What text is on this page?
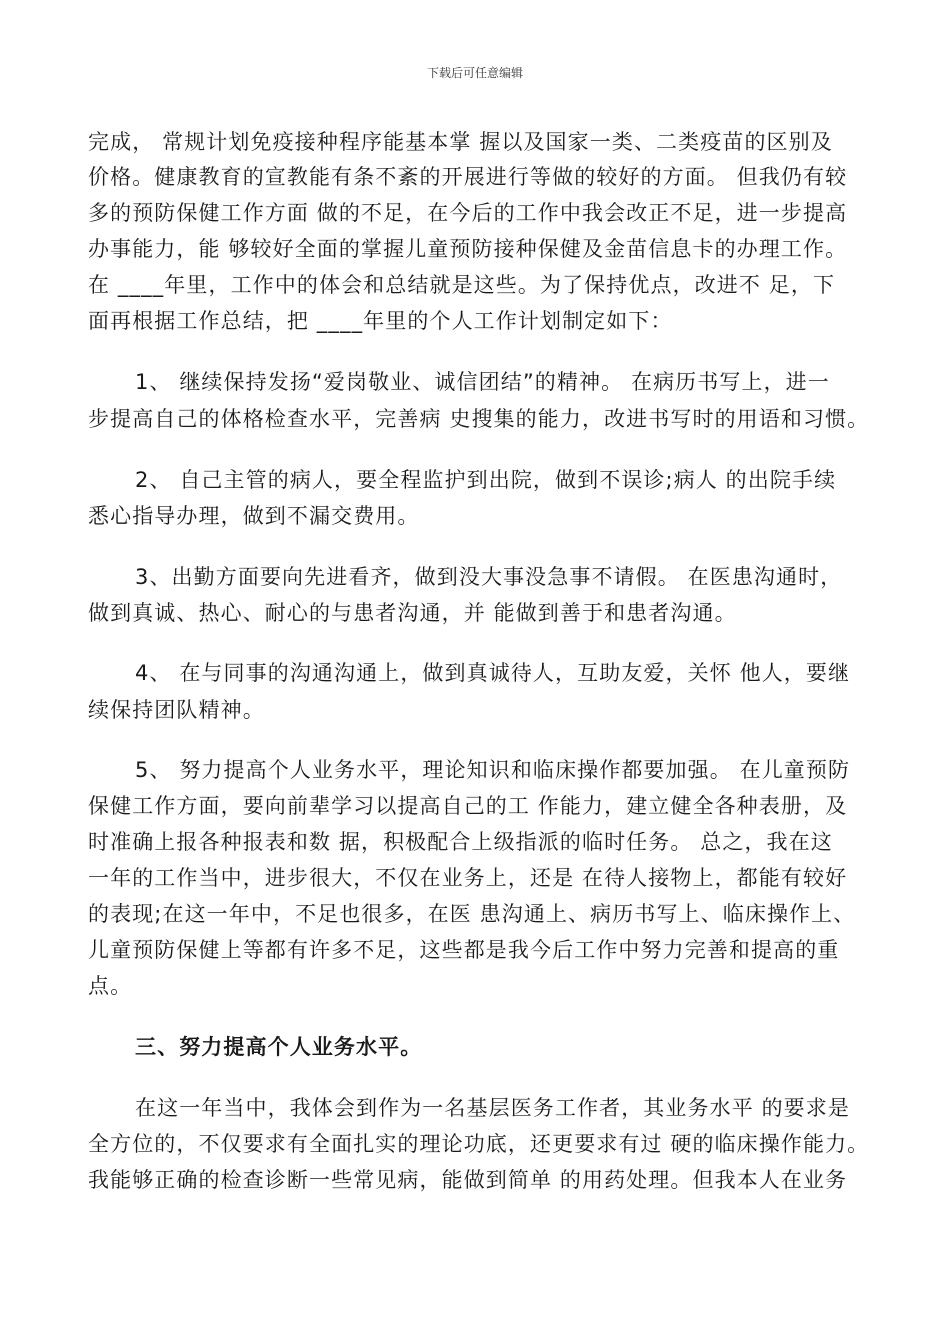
下载后可任意编辑
完成， 常规计划免疫接种程序能基本掌 握以及国家一类、二类疫苗的区别及
价格。健康教育的宣教能有条不紊的开展进行等做的较好的方面。 但我仍有较
多的预防保健工作方面 做的不足，在今后的工作中我会改正不足，进一步提高
办事能力，能 够较好全面的掌握儿童预防接种保健及金苗信息卡的办理工作。
在 ____年里，工作中的体会和总结就是这些。为了保持优点，改进不 足，下
面再根据工作总结，把 ____年里的个人工作计划制定如下：
1、 继续保持发扬“爱岗敬业、诚信团结”的精神。 在病历书写上，进一
步提高自己的体格检查水平，完善病 史搜集的能力，改进书写时的用语和习惯。
2、 自己主管的病人，要全程监护到出院，做到不误诊;病人 的出院手续
悉心指导办理，做到不漏交费用。
3、出勤方面要向先进看齐，做到没大事没急事不请假。 在医患沟通时，
做到真诚、热心、耐心的与患者沟通，并 能做到善于和患者沟通。
4、 在与同事的沟通沟通上，做到真诚待人，互助友爱，关怀 他人，要继
续保持团队精神。
5、 努力提高个人业务水平，理论知识和临床操作都要加强。 在儿童预防
保健工作方面，要向前辈学习以提高自己的工 作能力，建立健全各种表册，及
时准确上报各种报表和数 据，积极配合上级指派的临时任务。 总之，我在这
一年的工作当中，进步很大，不仅在业务上，还是 在待人接物上，都能有较好
的表现;在这一年中，不足也很多，在医 患沟通上、病历书写上、临床操作上、
儿童预防保健上等都有许多不足，这些都是我今后工作中努力完善和提高的重
点。
三、努力提高个人业务水平。
在这一年当中，我体会到作为一名基层医务工作者，其业务水平 的要求是
全方位的，不仅要求有全面扎实的理论功底，还更要求有过 硬的临床操作能力。
我能够正确的检查诊断一些常见病，能做到简单 的用药处理。但我本人在业务
